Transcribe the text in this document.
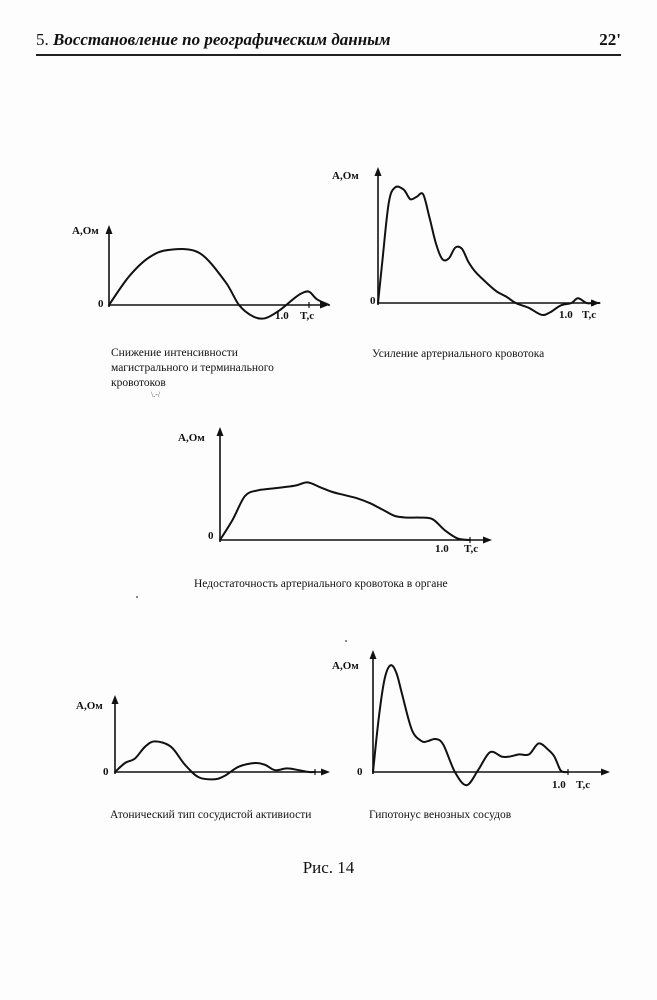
5. Восстановление по реографическим данным	22'
А,Ом
0
1.0 T,c
Снижение интенсивности
магистрального и терминального
кровотоков
\.-/
А,Ом
0
1.0 T,c
Усиление артериального кровотока
А,Ом
0
1.0 T,c
Недостаточность артериального кровотока в органе
А,Ом
0
Атонический тип сосудистой активиости
А,Ом
0
1.0 T,c
Гипотонус венозных сосудов
Рис. 14
